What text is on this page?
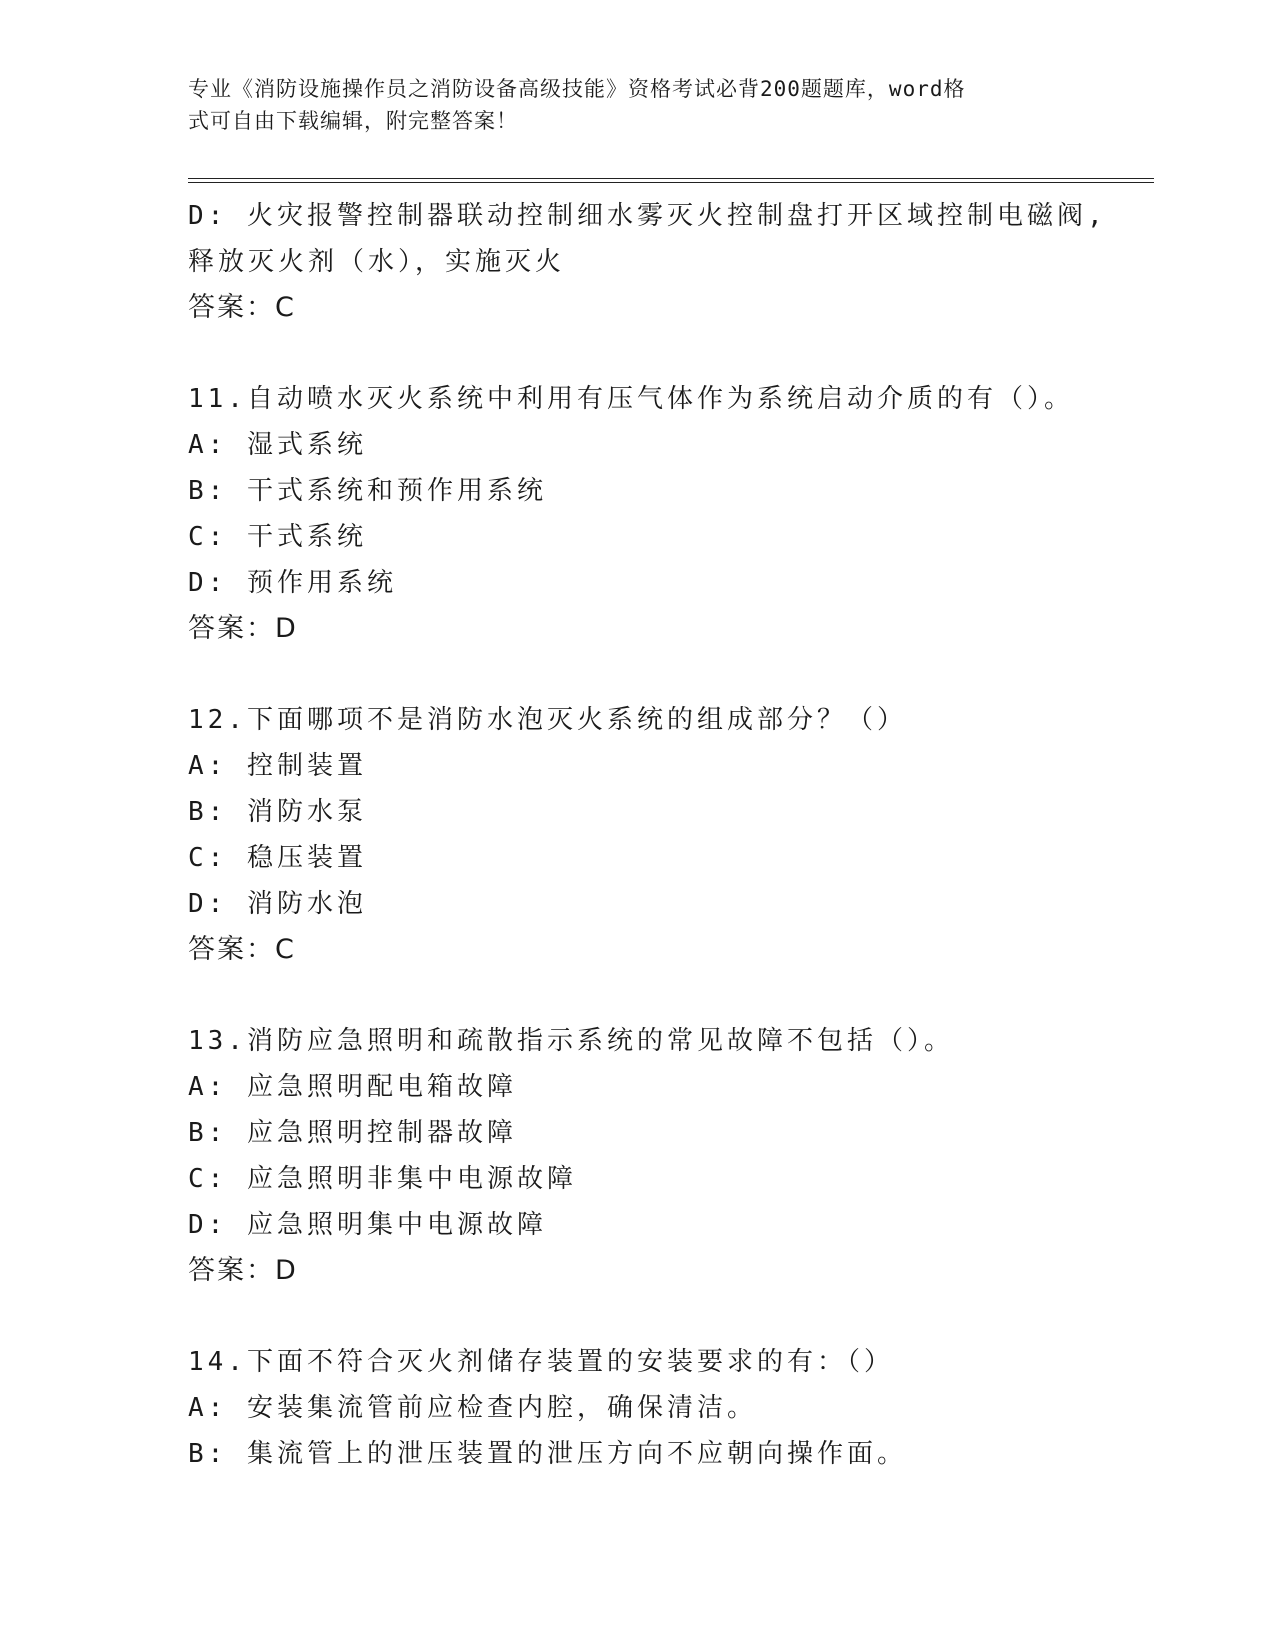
专业《消防设施操作员之消防设备高级技能》资格考试必背200题题库，word格
式可自由下载编辑，附完整答案！
D: 火灾报警控制器联动控制细水雾灭火控制盘打开区域控制电磁阀,
释放灭火剂（水），实施灭火
答案：C
11.自动喷水灭火系统中利用有压气体作为系统启动介质的有（）。
A: 湿式系统
B: 干式系统和预作用系统
C: 干式系统
D: 预作用系统
答案：D
12.下面哪项不是消防水泡灭火系统的组成部分？（）
A: 控制装置
B: 消防水泵
C: 稳压装置
D: 消防水泡
答案：C
13.消防应急照明和疏散指示系统的常见故障不包括（）。
A: 应急照明配电箱故障
B: 应急照明控制器故障
C: 应急照明非集中电源故障
D: 应急照明集中电源故障
答案：D
14.下面不符合灭火剂储存装置的安装要求的有：（）
A: 安装集流管前应检查内腔，确保清洁。
B: 集流管上的泄压装置的泄压方向不应朝向操作面。
